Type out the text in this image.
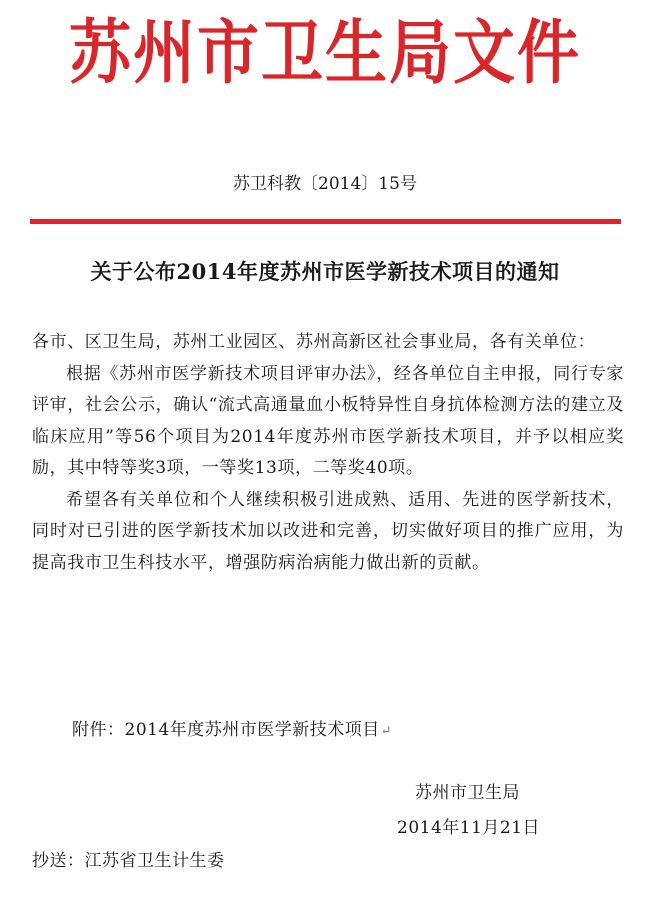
苏州市卫生局文件
苏卫科教〔2014〕15号
关于公布2014年度苏州市医学新技术项目的通知

各市、区卫生局，苏州工业园区、苏州高新区社会事业局，各有关单位：

根据《苏州市医学新技术项目评审办法》，经各单位自主申报，同行专家评审，社会公示，确认“流式高通量血小板特异性自身抗体检测方法的建立及临床应用”等56个项目为2014年度苏州市医学新技术项目，并予以相应奖励，其中特等奖3项，一等奖13项，二等奖40项。

希望各有关单位和个人继续积极引进成熟、适用、先进的医学新技术，同时对已引进的医学新技术加以改进和完善，切实做好项目的推广应用，为提高我市卫生科技水平，增强防病治病能力做出新的贡献。

附件：2014年度苏州市医学新技术项目↵
苏州市卫生局
2014年11月21日
抄送：江苏省卫生计生委
